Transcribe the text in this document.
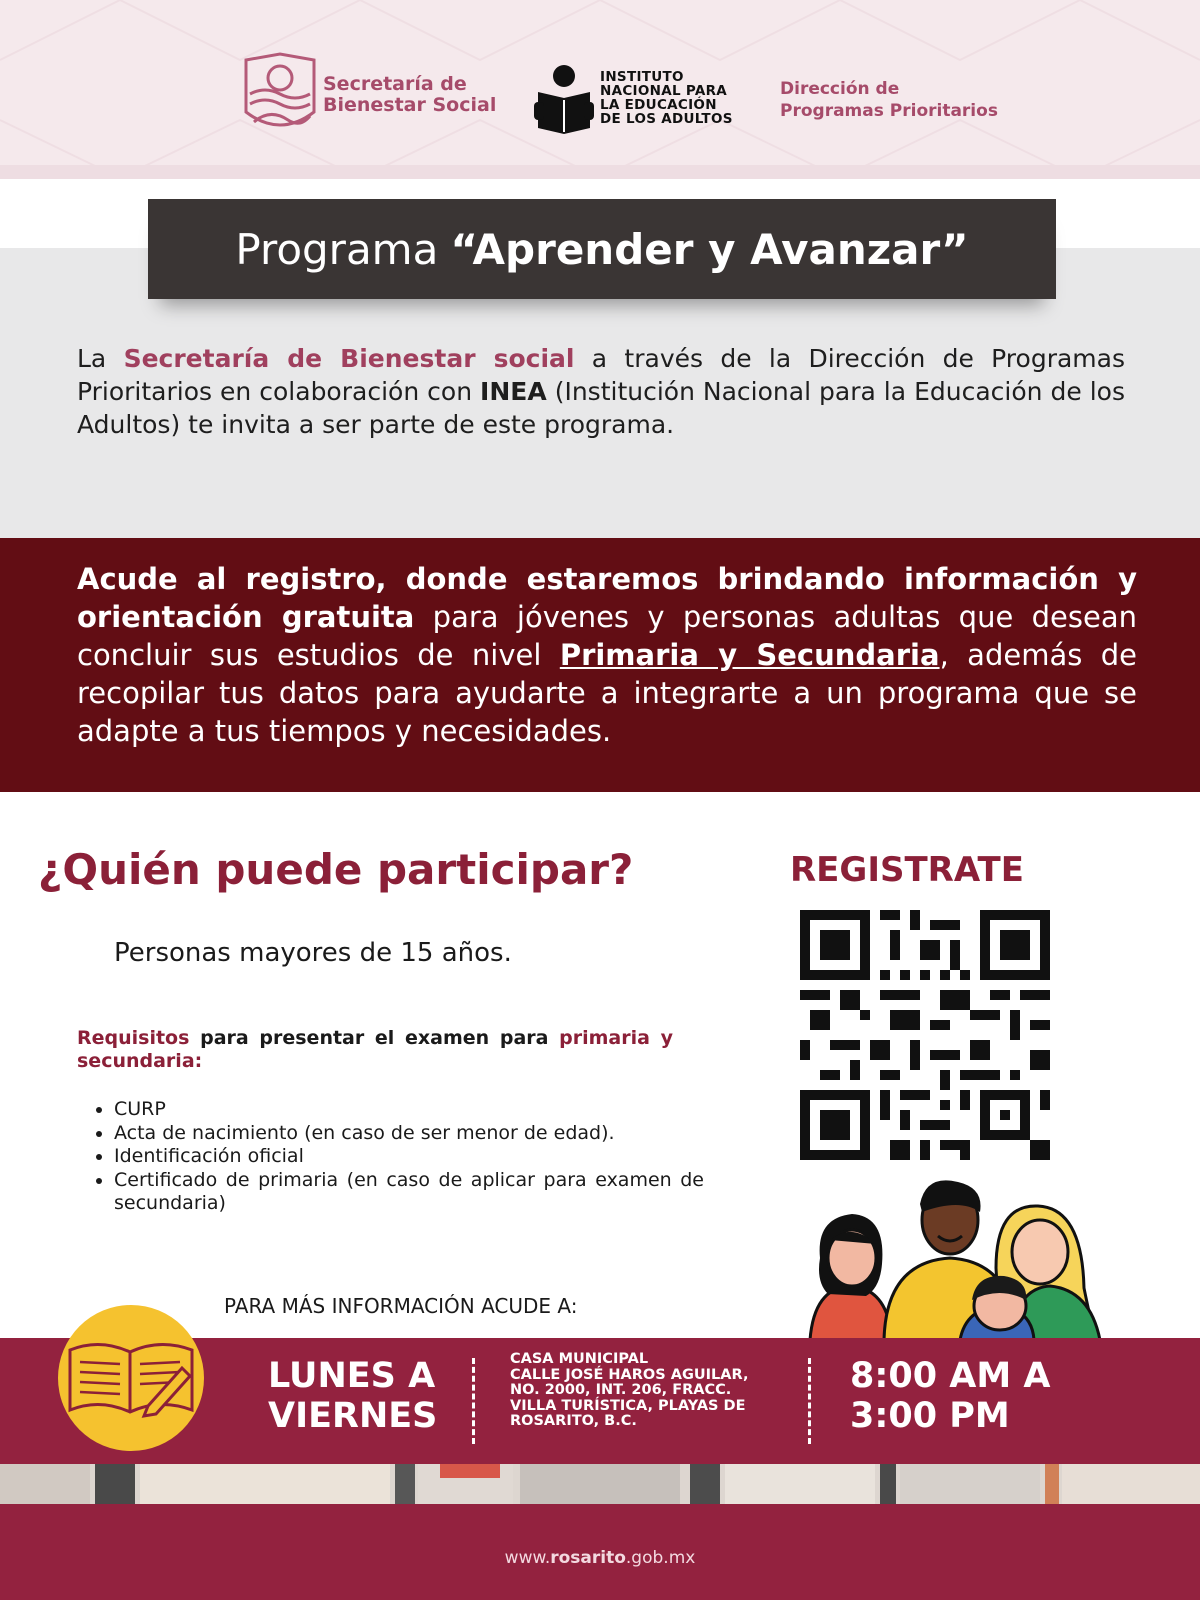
Secretaría de
Bienestar Social
INSTITUTO
NACIONAL PARA
LA EDUCACIÓN
DE LOS ADULTOS
Dirección de
Programas Prioritarios
Programa “Aprender y Avanzar”
La Secretaría de Bienestar social a través de la Dirección de Programas Prioritarios en colaboración con INEA (Institución Nacional para la Educación de los Adultos) te invita a ser parte de este programa.
Acude al registro, donde estaremos brindando información y orientación gratuita para jóvenes y personas adultas que desean concluir sus estudios de nivel Primaria y Secundaria, además de recopilar tus datos para ayudarte a integrarte a un programa que se adapte a tus tiempos y necesidades.
¿Quién puede participar?
Personas mayores de 15 años.
Requisitos para presentar el examen para primaria y secundaria:
• CURP
• Acta de nacimiento (en caso de ser menor de edad).
• Identificación oficial
• Certificado de primaria (en caso de aplicar para examen de secundaria)
REGISTRATE
PARA MÁS INFORMACIÓN ACUDE A:
LUNES A VIERNES
CASA MUNICIPAL
CALLE JOSÉ HAROS AGUILAR, NO. 2000, INT. 206, FRACC. VILLA TURÍSTICA, PLAYAS DE ROSARITO, B.C.
8:00 AM A
3:00 PM
www.rosarito.gob.mx
